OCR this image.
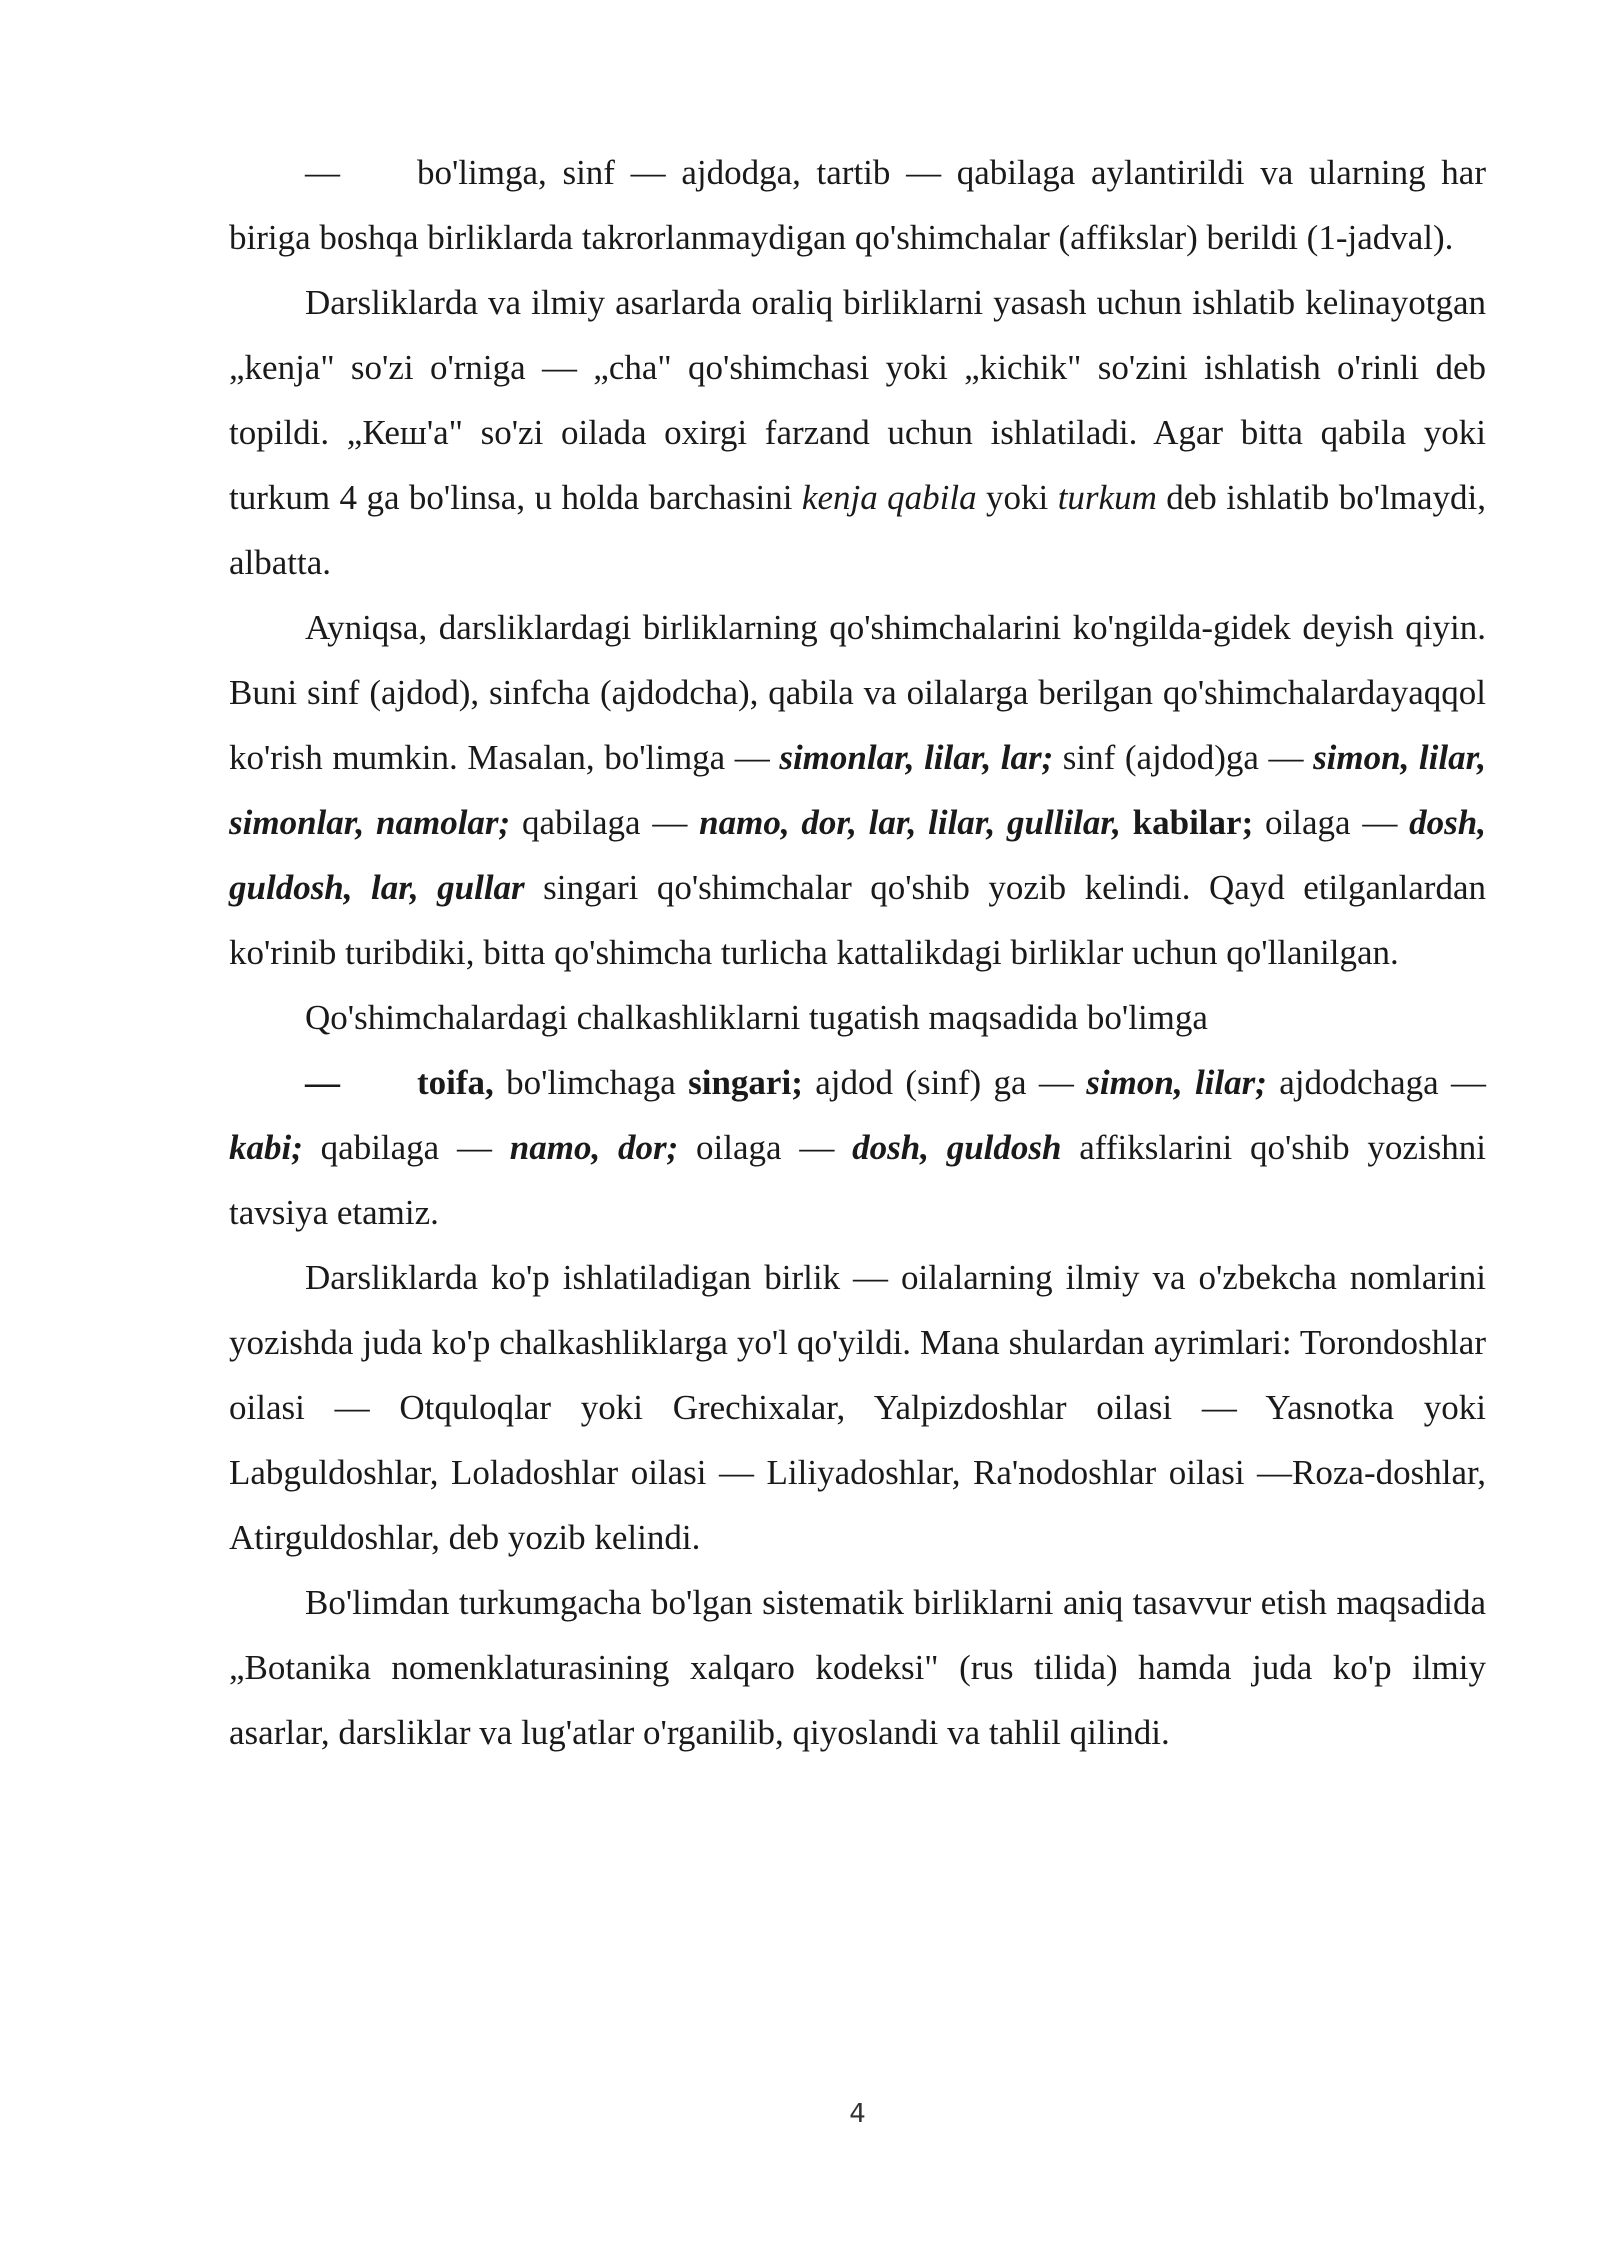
— bo'limga, sinf — ajdodga, tartib — qabilaga aylantirildi va ularning har biriga boshqa birliklarda takrorlanmaydigan qo'shimchalar (affikslar) berildi (1-jadval).

Darsliklarda va ilmiy asarlarda oraliq birliklarni yasash uchun ishlatib kelinayotgan „kenja" so'zi o'rniga — „cha" qo'shimchasi yoki „kichik" so'zini ishlatish o'rinli deb topildi. „Кеш'а" so'zi oilada oxirgi farzand uchun ishlatiladi. Agar bitta qabila yoki turkum 4 ga bo'linsa, u holda barchasini kenja qabila yoki turkum deb ishlatib bo'lmaydi, albatta.

Ayniqsa, darsliklardagi birliklarning qo'shimchalarini ko'ngilda-gidek deyish qiyin. Buni sinf (ajdod), sinfcha (ajdodcha), qabila va oilalarga berilgan qo'shimchalardayaqqol ko'rish mumkin. Masalan, bo'limga — simonlar, lilar, lar; sinf (ajdod)ga — simon, lilar, simonlar, namolar; qabilaga — namo, dor, lar, lilar, gullilar, kabilar; oilaga — dosh, guldosh, lar, gullar singari qo'shimchalar qo'shib yozib kelindi. Qayd etilganlardan ko'rinib turibdiki, bitta qo'shimcha turlicha kattalikdagi birliklar uchun qo'llanilgan.

Qo'shimchalardagi chalkashliklarni tugatish maqsadida bo'limga

— toifa, bo'limchaga singari; ajdod (sinf) ga — simon, lilar; ajdodchaga — kabi; qabilaga — namo, dor; oilaga — dosh, guldosh affikslarini qo'shib yozishni tavsiya etamiz.

Darsliklarda ko'p ishlatiladigan birlik — oilalarning ilmiy va o'zbekcha nomlarini yozishda juda ko'p chalkashliklarga yo'l qo'yildi. Mana shulardan ayrimlari: Torondoshlar oilasi — Otquloqlar yoki Grechixalar, Yalpizdoshlar oilasi — Yasnotka yoki Labguldoshlar, Loladoshlar oilasi — Liliyadoshlar, Ra'nodoshlar oilasi —Roza-doshlar, Atirguldoshlar, deb yozib kelindi.

Bo'limdan turkumgacha bo'lgan sistematik birliklarni aniq tasavvur etish maqsadida „Botanika nomenklaturasining xalqaro kodeksi" (rus tilida) hamda juda ko'p ilmiy asarlar, darsliklar va lug'atlar o'rganilib, qiyoslandi va tahlil qilindi.

4
